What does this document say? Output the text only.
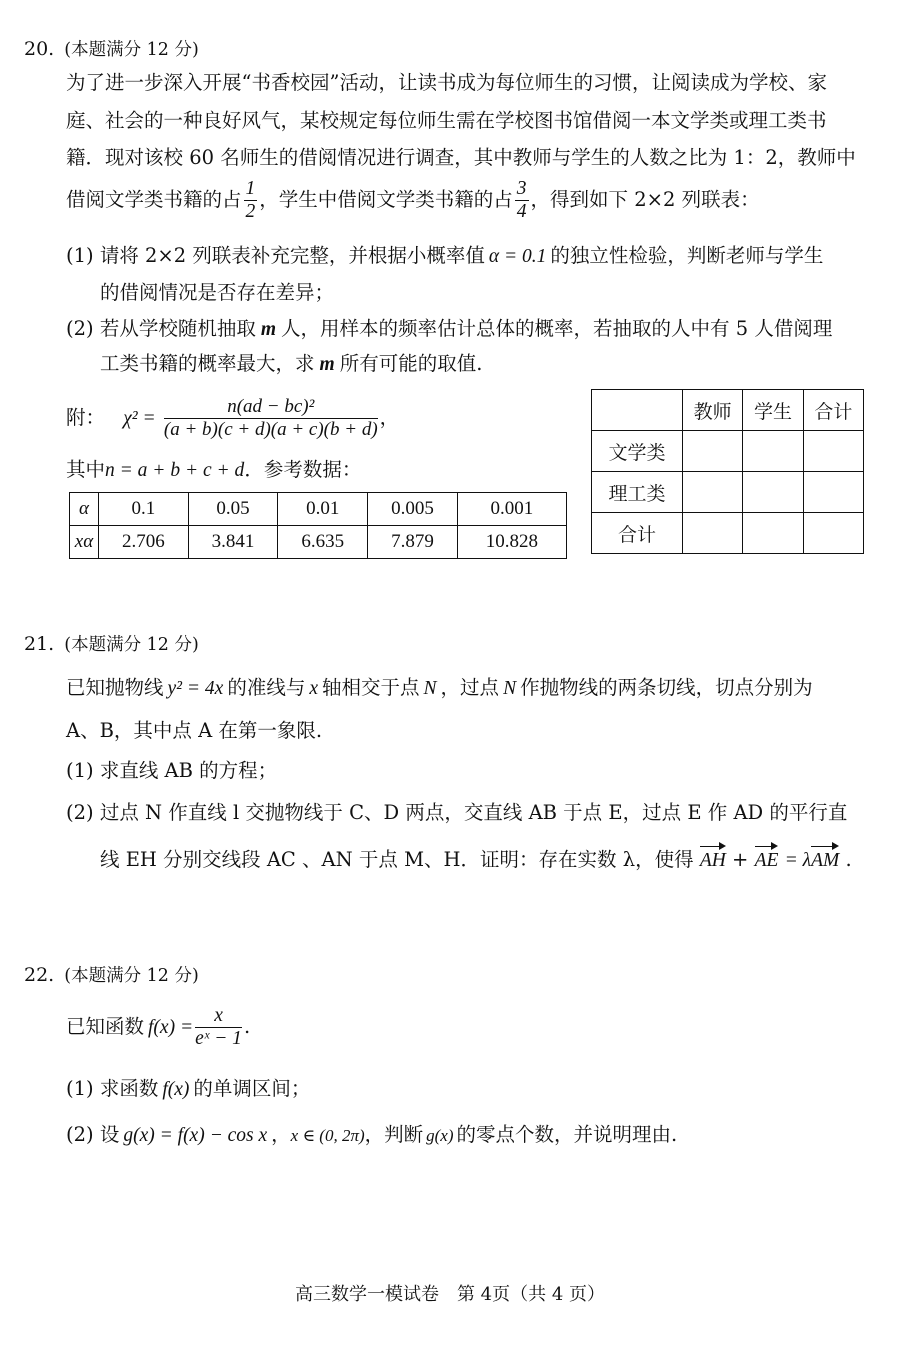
20. (本题满分 12 分)
为了进一步深入开展“书香校园”活动，让读书成为每位师生的习惯，让阅读成为学校、家
庭、社会的一种良好风气，某校规定每位师生需在学校图书馆借阅一本文学类或理工类书
籍．现对该校 60 名师生的借阅情况进行调查，其中教师与学生的人数之比为 1：2，教师中
借阅文学类书籍的占 $\frac{1}{2}$ ，学生中借阅文学类书籍的占 $\frac{3}{4}$ ，得到如下 2×2 列联表：
(1) 请将 2×2 列联表补充完整，并根据小概率值 α = 0.1 的独立性检验，判断老师与学生
的借阅情况是否存在差异；
(2) 若从学校随机抽取 m 人，用样本的频率估计总体的概率，若抽取的人中有 5 人借阅理
工类书籍的概率最大，求 m 所有可能的取值.
附： $\chi^2 = \frac{\text{n(ad − bc)²}}{(a + b)(c + d)(a + c)(b + d)}$ ，
其中n = a + b + c + d．参考数据：
α	0.1	0.05	0.01	0.005	0.001
xα	2.706	3.841	6.635	7.879	10.828
	教师	学生	合计
文学类			
理工类			
合计			
21. (本题满分 12 分)
已知抛物线 y² = 4x 的准线与 x 轴相交于点 N ，过点 N 作抛物线的两条切线，切点分别为
A、B，其中点 A 在第一象限.
(1) 求直线 AB 的方程；
(2) 过点 N 作直线 l 交抛物线于 C、D 两点，交直线 AB 于点 E，过点 E 作 AD 的平行直
线 EH 分别交线段 AC 、AN 于点 M、H．证明：存在实数 λ，使得 AH + AE = λAM .
22. (本题满分 12 分)
已知函数 $f(x) = \frac{x}{\text{eˣ − 1}}$ .
(1) 求函数 f(x) 的单调区间；
(2) 设 g(x) = f(x) − cos x ，x ∈ (0, 2π)，判断 g(x) 的零点个数，并说明理由.
高三数学一模试卷　第 4页（共 4 页）
